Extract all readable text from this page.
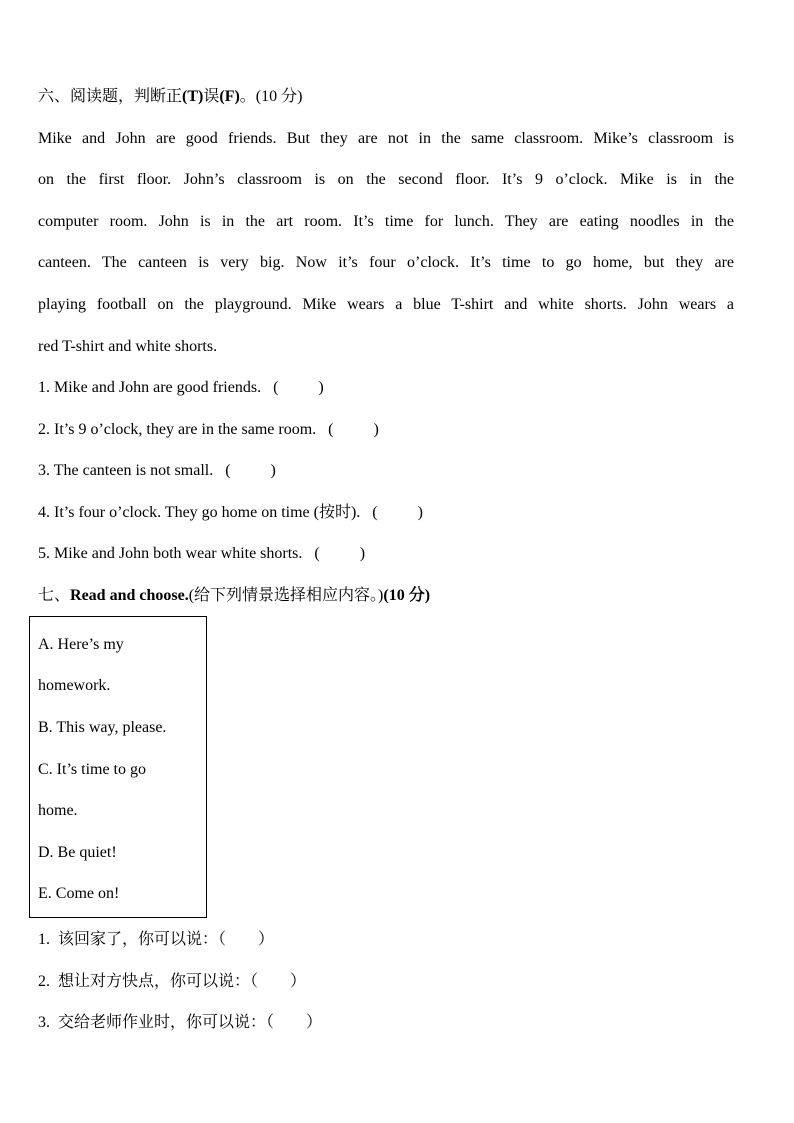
六、阅读题，判断正(T)误(F)。(10 分)
Mike and John are good friends. But they are not in the same classroom. Mike’s classroom is
on the first floor. John’s classroom is on the second floor. It’s 9 o’clock. Mike is in the
computer room. John is in the art room. It’s time for lunch. They are eating noodles in the
canteen. The canteen is very big. Now it’s four o’clock. It’s time to go home, but they are
playing football on the playground. Mike wears a blue T-shirt and white shorts. John wears a
red T-shirt and white shorts.
1. Mike and John are good friends.   (          )
2. It’s 9 o’clock, they are in the same room.   (          )
3. The canteen is not small.   (          )
4. It’s four o’clock. They go home on time (按时).   (          )
5. Mike and John both wear white shorts.   (          )
七、Read and choose.(给下列情景选择相应内容。)(10 分)
A. Here’s my
homework.
B. This way, please.
C. It’s time to go
home.
D. Be quiet!
E. Come on!
1.  该回家了，你可以说：（        ）
2.  想让对方快点，你可以说：（        ）
3.  交给老师作业时，你可以说：（        ）
